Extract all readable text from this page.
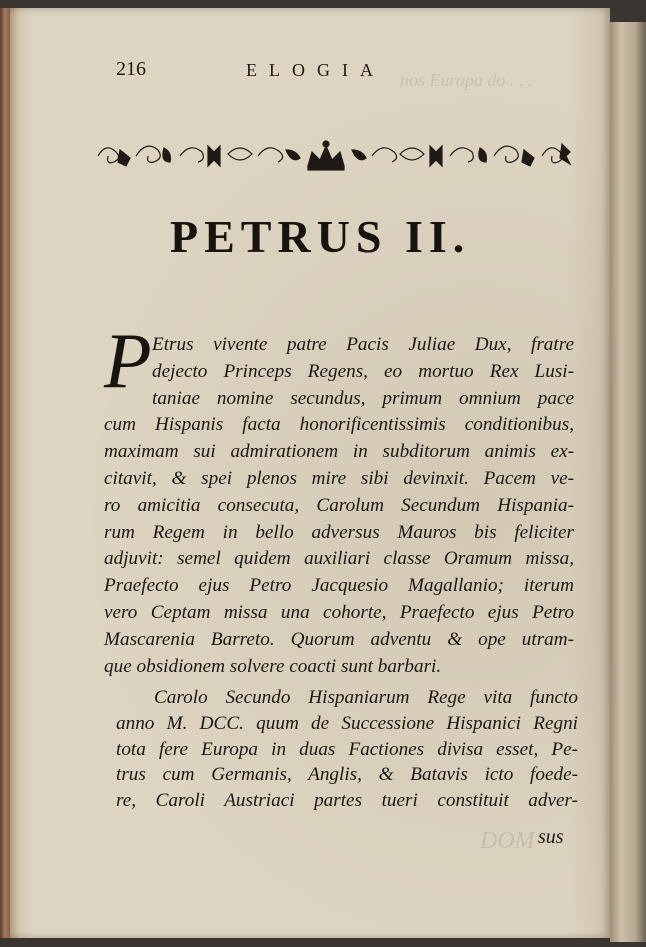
nos Europa do . . .
DOM
216	ELOGIA
PETRUS II.
P Etrus vivente patre Pacis Juliae Dux, fratre
dejecto Princeps Regens, eo mortuo Rex Lusi-
taniae nomine secundus, primum omnium pace
cum Hispanis facta honorificentissimis conditionibus,
maximam sui admirationem in subditorum animis ex-
citavit, & spei plenos mire sibi devinxit. Pacem ve-
ro amicitia consecuta, Carolum Secundum Hispania-
rum Regem in bello adversus Mauros bis feliciter
adjuvit: semel quidem auxiliari classe Oramum missa,
Praefecto ejus Petro Jacquesio Magallanio; iterum
vero Ceptam missa una cohorte, Praefecto ejus Petro
Mascarenia Barreto. Quorum adventu & ope utram-
que obsidionem solvere coacti sunt barbari.
Carolo Secundo Hispaniarum Rege vita functo
anno M. DCC. quum de Successione Hispanici Regni
tota fere Europa in duas Factiones divisa esset, Pe-
trus cum Germanis, Anglis, & Batavis icto foede-
re, Caroli Austriaci partes tueri constituit adver-
sus
